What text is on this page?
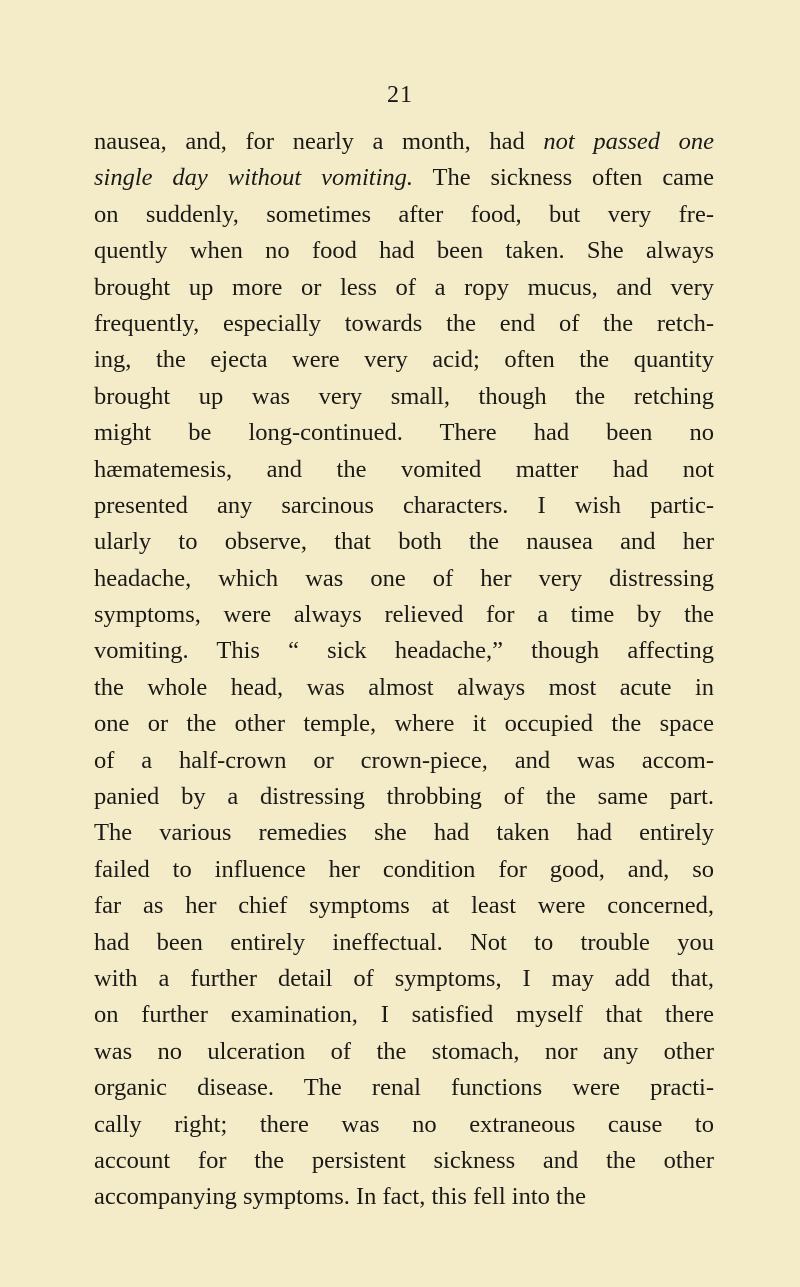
21
nausea, and, for nearly a month, had not passed one
single day without vomiting. The sickness often came
on suddenly, sometimes after food, but very fre-
quently when no food had been taken. She always
brought up more or less of a ropy mucus, and very
frequently, especially towards the end of the retch-
ing, the ejecta were very acid; often the quantity
brought up was very small, though the retching
might be long-continued. There had been no
hæmatemesis, and the vomited matter had not
presented any sarcinous characters. I wish partic-
ularly to observe, that both the nausea and her
headache, which was one of her very distressing
symptoms, were always relieved for a time by the
vomiting. This “ sick headache,” though affecting
the whole head, was almost always most acute in
one or the other temple, where it occupied the space
of a half-crown or crown-piece, and was accom-
panied by a distressing throbbing of the same part.
The various remedies she had taken had entirely
failed to influence her condition for good, and, so
far as her chief symptoms at least were concerned,
had been entirely ineffectual. Not to trouble you
with a further detail of symptoms, I may add that,
on further examination, I satisfied myself that there
was no ulceration of the stomach, nor any other
organic disease. The renal functions were practi-
cally right; there was no extraneous cause to
account for the persistent sickness and the other
accompanying symptoms. In fact, this fell into the
